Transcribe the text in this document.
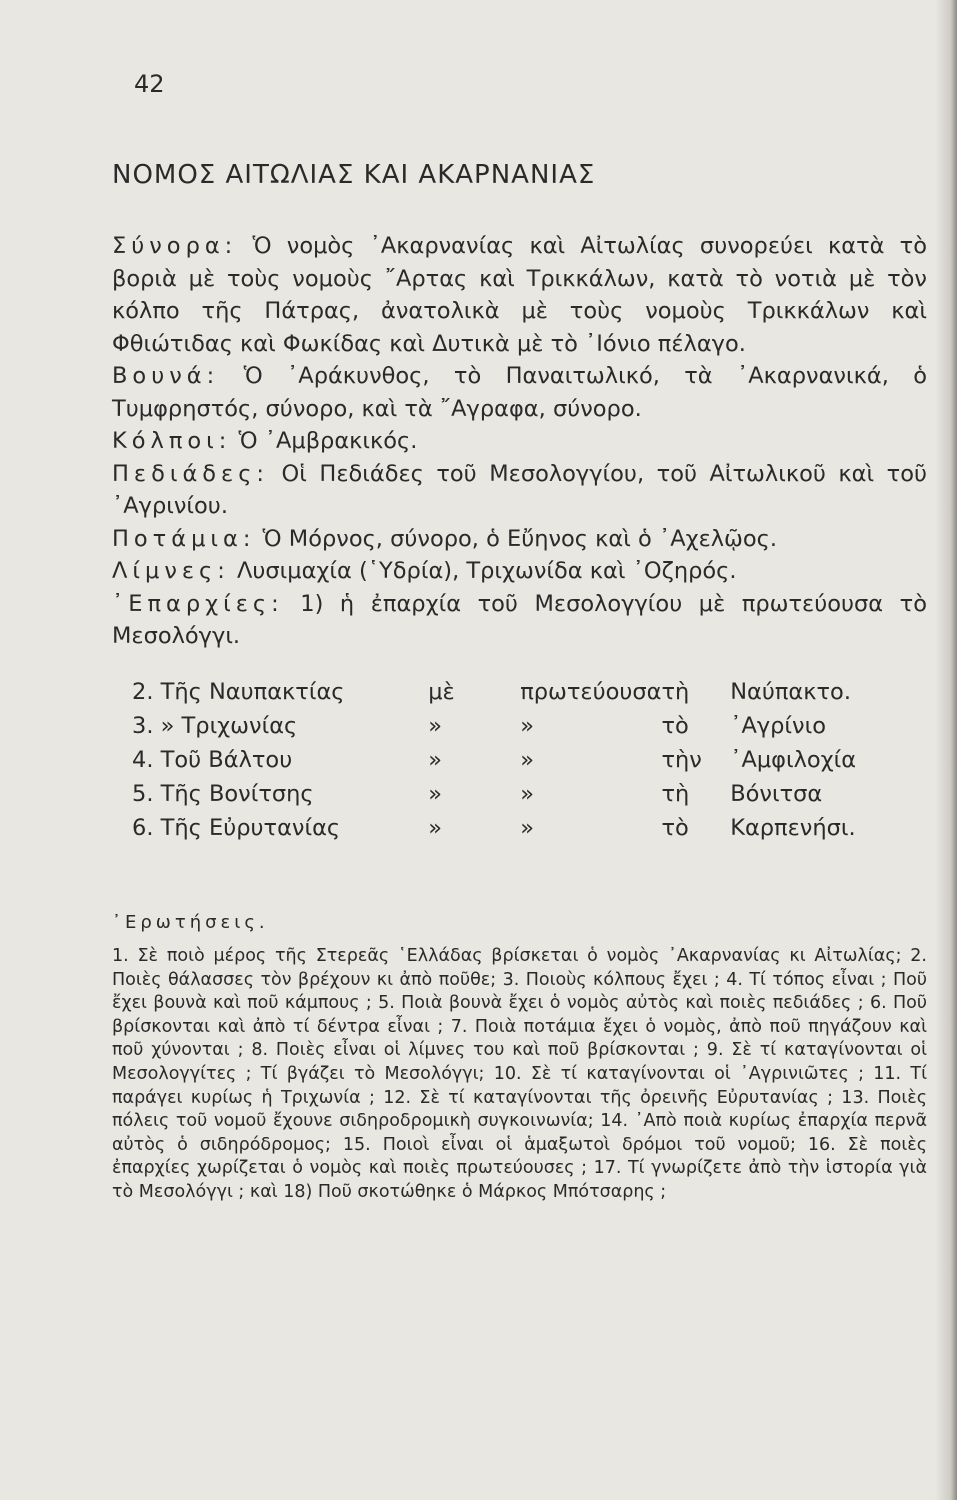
42
ΝΟΜΟΣ ΑΙΤΩΛΙΑΣ ΚΑΙ ΑΚΑΡΝΑΝΙΑΣ

Σύνορα: Ὁ νομὸς ᾿Ακαρνανίας καὶ Αἰτωλίας συνορεύει κατὰ τὸ βοριὰ μὲ τοὺς νομοὺς ῎Αρτας καὶ Τρικκάλων, κατὰ τὸ νοτιὰ μὲ τὸν κόλπο τῆς Πάτρας, ἀνατολικὰ μὲ τοὺς νομοὺς Τρικκάλων καὶ Φθιώτιδας καὶ Φωκίδας καὶ Δυτικὰ μὲ τὸ ᾿Ιόνιο πέλαγο.

Βουνά: Ὁ ᾿Αράκυνθος, τὸ Παναιτωλικό, τὰ ᾿Ακαρνανικά, ὁ Τυμφρηστός, σύνορο, καὶ τὰ ῎Αγραφα, σύνορο.

Κόλποι: Ὁ ᾿Αμβρακικός.

Πεδιάδες: Οἱ Πεδιάδες τοῦ Μεσολογγίου, τοῦ Αἰτωλικοῦ καὶ τοῦ ᾿Αγρινίου.

Ποτάμια: Ὁ Μόρνος, σύνορο, ὁ Εὔηνος καὶ ὁ ᾿Αχελῷος.

Λίμνες: Λυσιμαχία (῾Υδρία), Τριχωνίδα καὶ ᾿Οζηρός.

᾿Επαρχίες: 1) ἡ ἐπαρχία τοῦ Μεσολογγίου μὲ πρωτεύουσα τὸ Μεσολόγγι.

2. Τῆς Ναυπακτίας	μὲ	πρωτεύουσα	τὴ	Ναύπακτο.
3. » Τριχωνίας	»	»	τὸ	᾿Αγρίνιο
4. Τοῦ Βάλτου	»	»	τὴν	᾿Αμφιλοχία
5. Τῆς Βονίτσης	»	»	τὴ	Βόνιτσα
6. Τῆς Εὐρυτανίας	»	»	τὸ	Καρπενήσι.
᾿Ερωτήσεις.
1. Σὲ ποιὸ μέρος τῆς Στερεᾶς ῾Ελλάδας βρίσκεται ὁ νομὸς ᾿Ακαρνανίας κι Αἰτωλίας; 2. Ποιὲς θάλασσες τὸν βρέχουν κι ἀπὸ ποῦθε; 3. Ποιοὺς κόλπους ἔχει ; 4. Τί τόπος εἶναι ; Ποῦ ἔχει βουνὰ καὶ ποῦ κάμπους ; 5. Ποιὰ βουνὰ ἔχει ὁ νομὸς αὐτὸς καὶ ποιὲς πεδιάδες ; 6. Ποῦ βρίσκονται καὶ ἀπὸ τί δέντρα εἶναι ; 7. Ποιὰ ποτάμια ἔχει ὁ νομὸς, ἀπὸ ποῦ πηγάζουν καὶ ποῦ χύνονται ; 8. Ποιὲς εἶναι οἱ λίμνες του καὶ ποῦ βρίσκονται ; 9. Σὲ τί καταγίνονται οἱ Μεσολογγίτες ; Τί βγάζει τὸ Μεσολόγγι; 10. Σὲ τί καταγίνονται οἱ ᾿Αγρινιῶτες ; 11. Τί παράγει κυρίως ἡ Τριχωνία ; 12. Σὲ τί καταγίνονται τῆς ὀρεινῆς Εὐρυτανίας ; 13. Ποιὲς πόλεις τοῦ νομοῦ ἔχουνε σιδηροδρομικὴ συγκοινωνία; 14. ᾿Απὸ ποιὰ κυρίως ἐπαρχία περνᾶ αὐτὸς ὁ σιδηρόδρομος; 15. Ποιοὶ εἶναι οἱ ἁμαξωτοὶ δρόμοι τοῦ νομοῦ; 16. Σὲ ποιὲς ἐπαρχίες χωρίζεται ὁ νομὸς καὶ ποιὲς πρωτεύουσες ; 17. Τί γνωρίζετε ἀπὸ τὴν ἱστορία γιὰ τὸ Μεσολόγγι ; καὶ 18) Ποῦ σκοτώθηκε ὁ Μάρκος Μπότσαρης ;
